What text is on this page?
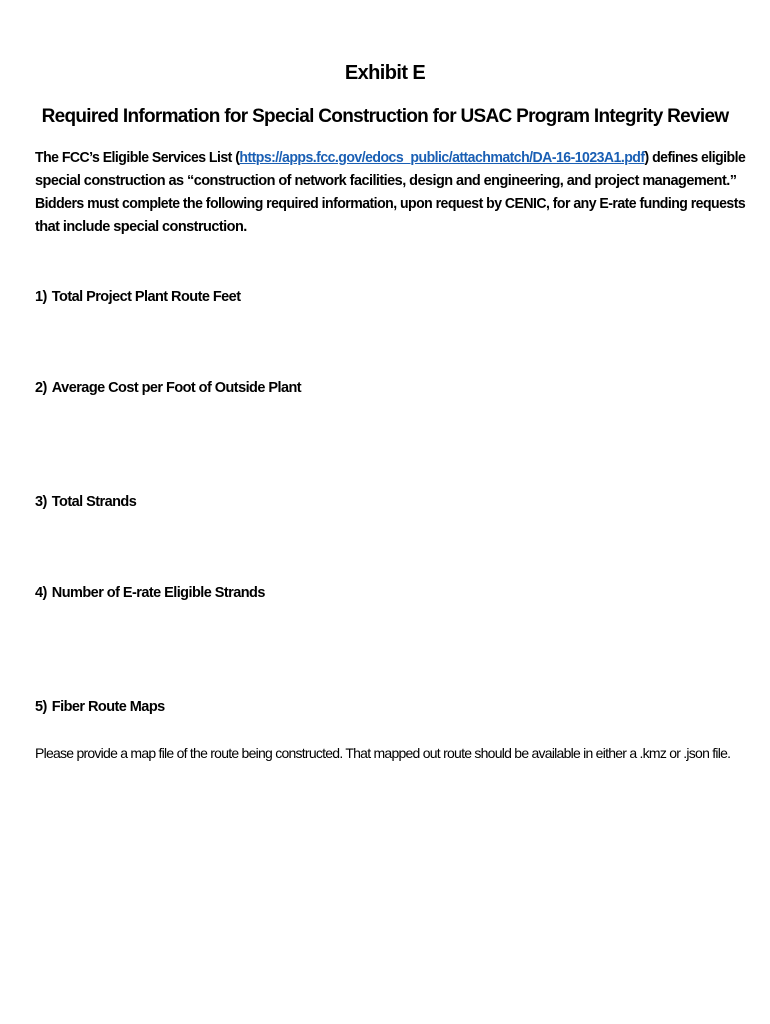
Exhibit E
Required Information for Special Construction for USAC Program Integrity Review
The FCC’s Eligible Services List (https://apps.fcc.gov/edocs_public/attachmatch/DA-16-1023A1.pdf) defines eligible
special construction as “construction of network facilities, design and engineering, and project management.”
Bidders must complete the following required information, upon request by CENIC, for any E-rate funding requests
that include special construction.
1) Total Project Plant Route Feet
2) Average Cost per Foot of Outside Plant
3) Total Strands
4) Number of E-rate Eligible Strands
5) Fiber Route Maps
Please provide a map file of the route being constructed. That mapped out route should be available in either a .kmz or .json file.
